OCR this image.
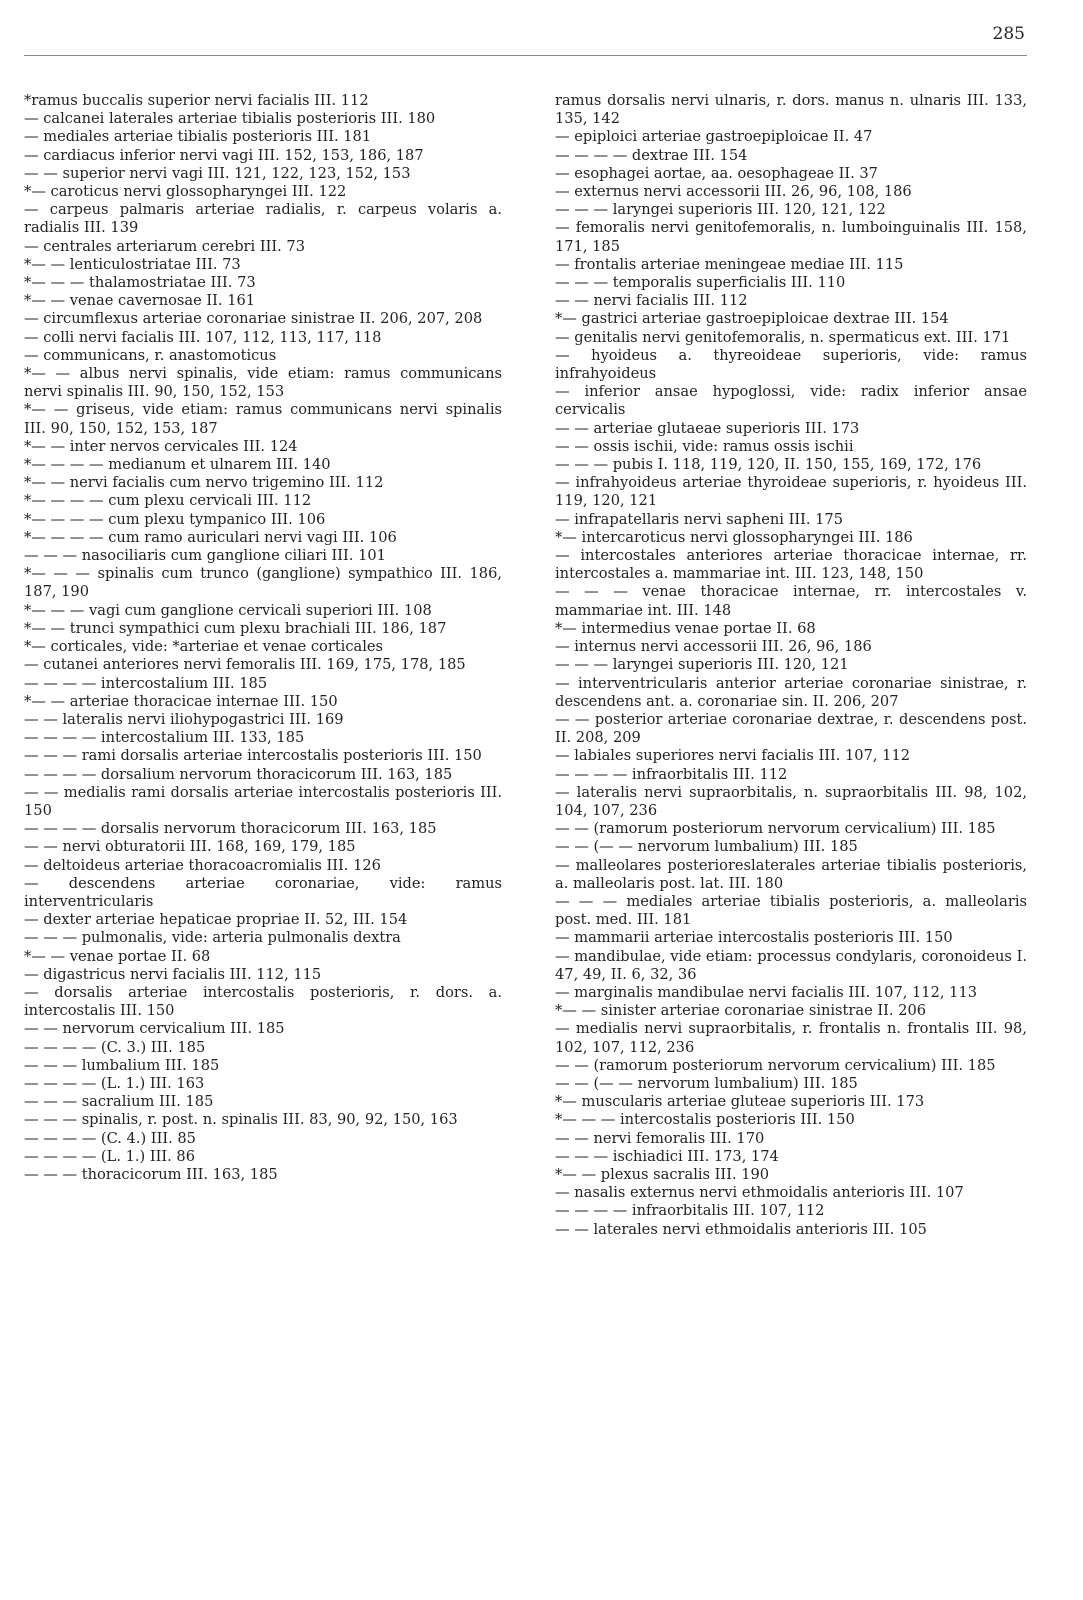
285
*ramus buccalis superior nervi facialis III. 112
— calcanei laterales arteriae tibialis posterioris III. 180
— mediales arteriae tibialis posterioris III. 181
— cardiacus inferior nervi vagi III. 152, 153, 186, 187
— — superior nervi vagi III. 121, 122, 123, 152, 153
*— caroticus nervi glossopharyngei III. 122
— carpeus palmaris arteriae radialis, r. carpeus volaris a. radialis III. 139
— centrales arteriarum cerebri III. 73
*— — lenticulostriatae III. 73
*— — — thalamostriatae III. 73
*— — venae cavernosae II. 161
— circumflexus arteriae coronariae sinistrae II. 206, 207, 208
— colli nervi facialis III. 107, 112, 113, 117, 118
— communicans, r. anastomoticus
*— — albus nervi spinalis, vide etiam: ramus communicans nervi spinalis III. 90, 150, 152, 153
*— — griseus, vide etiam: ramus communicans nervi spinalis III. 90, 150, 152, 153, 187
*— — inter nervos cervicales III. 124
*— — — — medianum et ulnarem III. 140
*— — nervi facialis cum nervo trigemino III. 112
*— — — — cum plexu cervicali III. 112
*— — — — cum plexu tympanico III. 106
*— — — — cum ramo auriculari nervi vagi III. 106
— — — nasociliaris cum ganglione ciliari III. 101
*— — — spinalis cum trunco (ganglione) sympathico III. 186, 187, 190
*— — — vagi cum ganglione cervicali superiori III. 108
*— — trunci sympathici cum plexu brachiali III. 186, 187
*— corticales, vide: *arteriae et venae corticales
— cutanei anteriores nervi femoralis III. 169, 175, 178, 185
— — — — intercostalium III. 185
*— — arteriae thoracicae internae III. 150
— — lateralis nervi iliohypogastrici III. 169
— — — — intercostalium III. 133, 185
— — — rami dorsalis arteriae intercostalis posterioris III. 150
— — — — dorsalium nervorum thoracicorum III. 163, 185
— — medialis rami dorsalis arteriae intercostalis posterioris III. 150
— — — — dorsalis nervorum thoracicorum III. 163, 185
— — nervi obturatorii III. 168, 169, 179, 185
— deltoideus arteriae thoracoacromialis III. 126
— descendens arteriae coronariae, vide: ramus interventricularis
— dexter arteriae hepaticae propriae II. 52, III. 154
— — — pulmonalis, vide: arteria pulmonalis dextra
*— — venae portae II. 68
— digastricus nervi facialis III. 112, 115
— dorsalis arteriae intercostalis posterioris, r. dors. a. intercostalis III. 150
— — nervorum cervicalium III. 185
— — — — (C. 3.) III. 185
— — — lumbalium III. 185
— — — — (L. 1.) III. 163
— — — sacralium III. 185
— — — spinalis, r. post. n. spinalis III. 83, 90, 92, 150, 163
— — — — (C. 4.) III. 85
— — — — (L. 1.) III. 86
— — — thoracicorum III. 163, 185
ramus dorsalis nervi ulnaris, r. dors. manus n. ulnaris III. 133, 135, 142
— epiploici arteriae gastroepiploicae II. 47
— — — — dextrae III. 154
— esophagei aortae, aa. oesophageae II. 37
— externus nervi accessorii III. 26, 96, 108, 186
— — — laryngei superioris III. 120, 121, 122
— femoralis nervi genitofemoralis, n. lumboinguinalis III. 158, 171, 185
— frontalis arteriae meningeae mediae III. 115
— — — temporalis superficialis III. 110
— — nervi facialis III. 112
*— gastrici arteriae gastroepiploicae dextrae III. 154
— genitalis nervi genitofemoralis, n. spermaticus ext. III. 171
— hyoideus a. thyreoideae superioris, vide: ramus infrahyoideus
— inferior ansae hypoglossi, vide: radix inferior ansae cervicalis
— — arteriae glutaeae superioris III. 173
— — ossis ischii, vide: ramus ossis ischii
— — — pubis I. 118, 119, 120, II. 150, 155, 169, 172, 176
— infrahyoideus arteriae thyroideae superioris, r. hyoideus III. 119, 120, 121
— infrapatellaris nervi sapheni III. 175
*— intercaroticus nervi glossopharyngei III. 186
— intercostales anteriores arteriae thoracicae internae, rr. intercostales a. mammariae int. III. 123, 148, 150
— — — venae thoracicae internae, rr. intercostales v. mammariae int. III. 148
*— intermedius venae portae II. 68
— internus nervi accessorii III. 26, 96, 186
— — — laryngei superioris III. 120, 121
— interventricularis anterior arteriae coronariae sinistrae, r. descendens ant. a. coronariae sin. II. 206, 207
— — posterior arteriae coronariae dextrae, r. descendens post. II. 208, 209
— labiales superiores nervi facialis III. 107, 112
— — — — infraorbitalis III. 112
— lateralis nervi supraorbitalis, n. supraorbitalis III. 98, 102, 104, 107, 236
— — (ramorum posteriorum nervorum cervicalium) III. 185
— — (— — nervorum lumbalium) III. 185
— malleolares posterioreslaterales arteriae tibialis posterioris, a. malleolaris post. lat. III. 180
— — — mediales arteriae tibialis posterioris, a. malleolaris post. med. III. 181
— mammarii arteriae intercostalis posterioris III. 150
— mandibulae, vide etiam: processus condylaris, coronoideus I. 47, 49, II. 6, 32, 36
— marginalis mandibulae nervi facialis III. 107, 112, 113
*— — sinister arteriae coronariae sinistrae II. 206
— medialis nervi supraorbitalis, r. frontalis n. frontalis III. 98, 102, 107, 112, 236
— — (ramorum posteriorum nervorum cervicalium) III. 185
— — (— — nervorum lumbalium) III. 185
*— muscularis arteriae gluteae superioris III. 173
*— — — intercostalis posterioris III. 150
— — nervi femoralis III. 170
— — — ischiadici III. 173, 174
*— — plexus sacralis III. 190
— nasalis externus nervi ethmoidalis anterioris III. 107
— — — — infraorbitalis III. 107, 112
— — laterales nervi ethmoidalis anterioris III. 105
